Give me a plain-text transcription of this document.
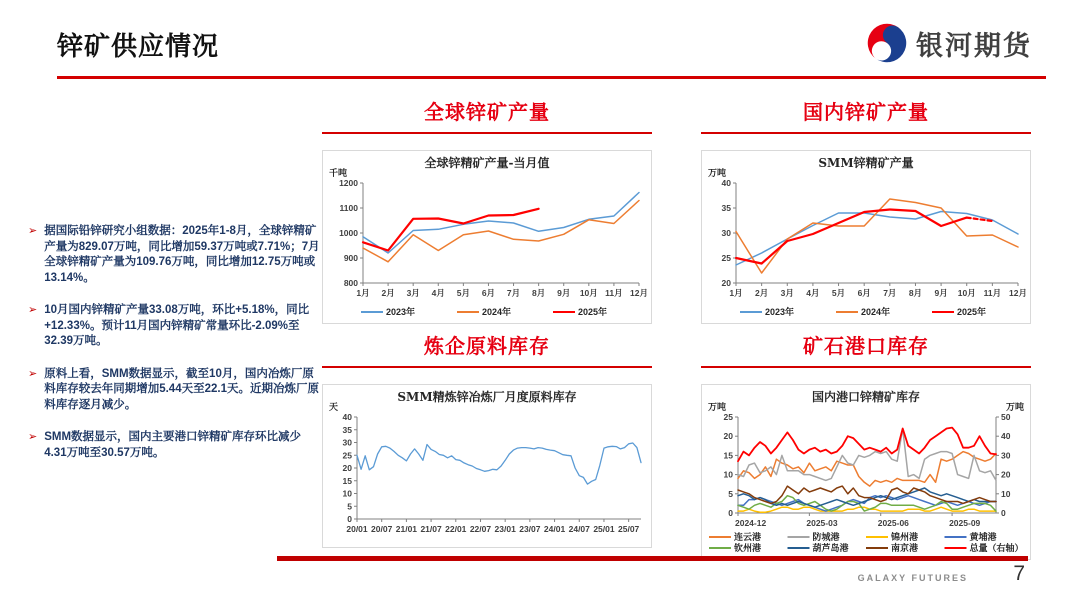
锌矿供应情况	银河期货
➢ 据国际铅锌研究小组数据：2025年1-8月，全球锌精矿产量为829.07万吨，同比增加59.37万吨或7.71%；7月全球锌精矿产量为109.76万吨，同比增加12.75万吨或13.14%。
➢ 10月国内锌精矿产量33.08万吨，环比+5.18%，同比+12.33%。预计11月国内锌精矿常量环比-2.09%至32.39万吨。
➢ 原料上看，SMM数据显示，截至10月，国内冶炼厂原料库存较去年同期增加5.44天至22.1天。近期冶炼厂原料库存逐月减少。
➢ SMM数据显示，国内主要港口锌精矿库存环比减少4.31万吨至30.57万吨。
全球锌矿产量
全球锌精矿产量-当月值
千吨
800
900
1000
1100
1200
1月 2月 3月 4月 5月 6月 7月 8月 9月 10月 11月 12月
2023年	2024年	2025年
国内锌矿产量
SMM锌精矿产量
万吨
20
25
30
35
40
1月 2月 3月 4月 5月 6月 7月 8月 9月 10月 11月 12月
2023年	2024年	2025年
炼企原料库存
SMM精炼锌冶炼厂月度原料库存
天
0
5
10
15
20
25
30
35
40
20/01 20/07 21/01 21/07 22/01 22/07 23/01 23/07 24/01 24/07 25/01 25/07
矿石港口库存
国内港口锌精矿库存
万吨	万吨
0
5
10
15
20
25
0
10
20
30
40
50
2024-12	2025-03	2025-06	2025-09
连云港	防城港	锦州港	黄埔港
钦州港	葫芦岛港	南京港	总量（右轴）
GALAXY FUTURES 7
